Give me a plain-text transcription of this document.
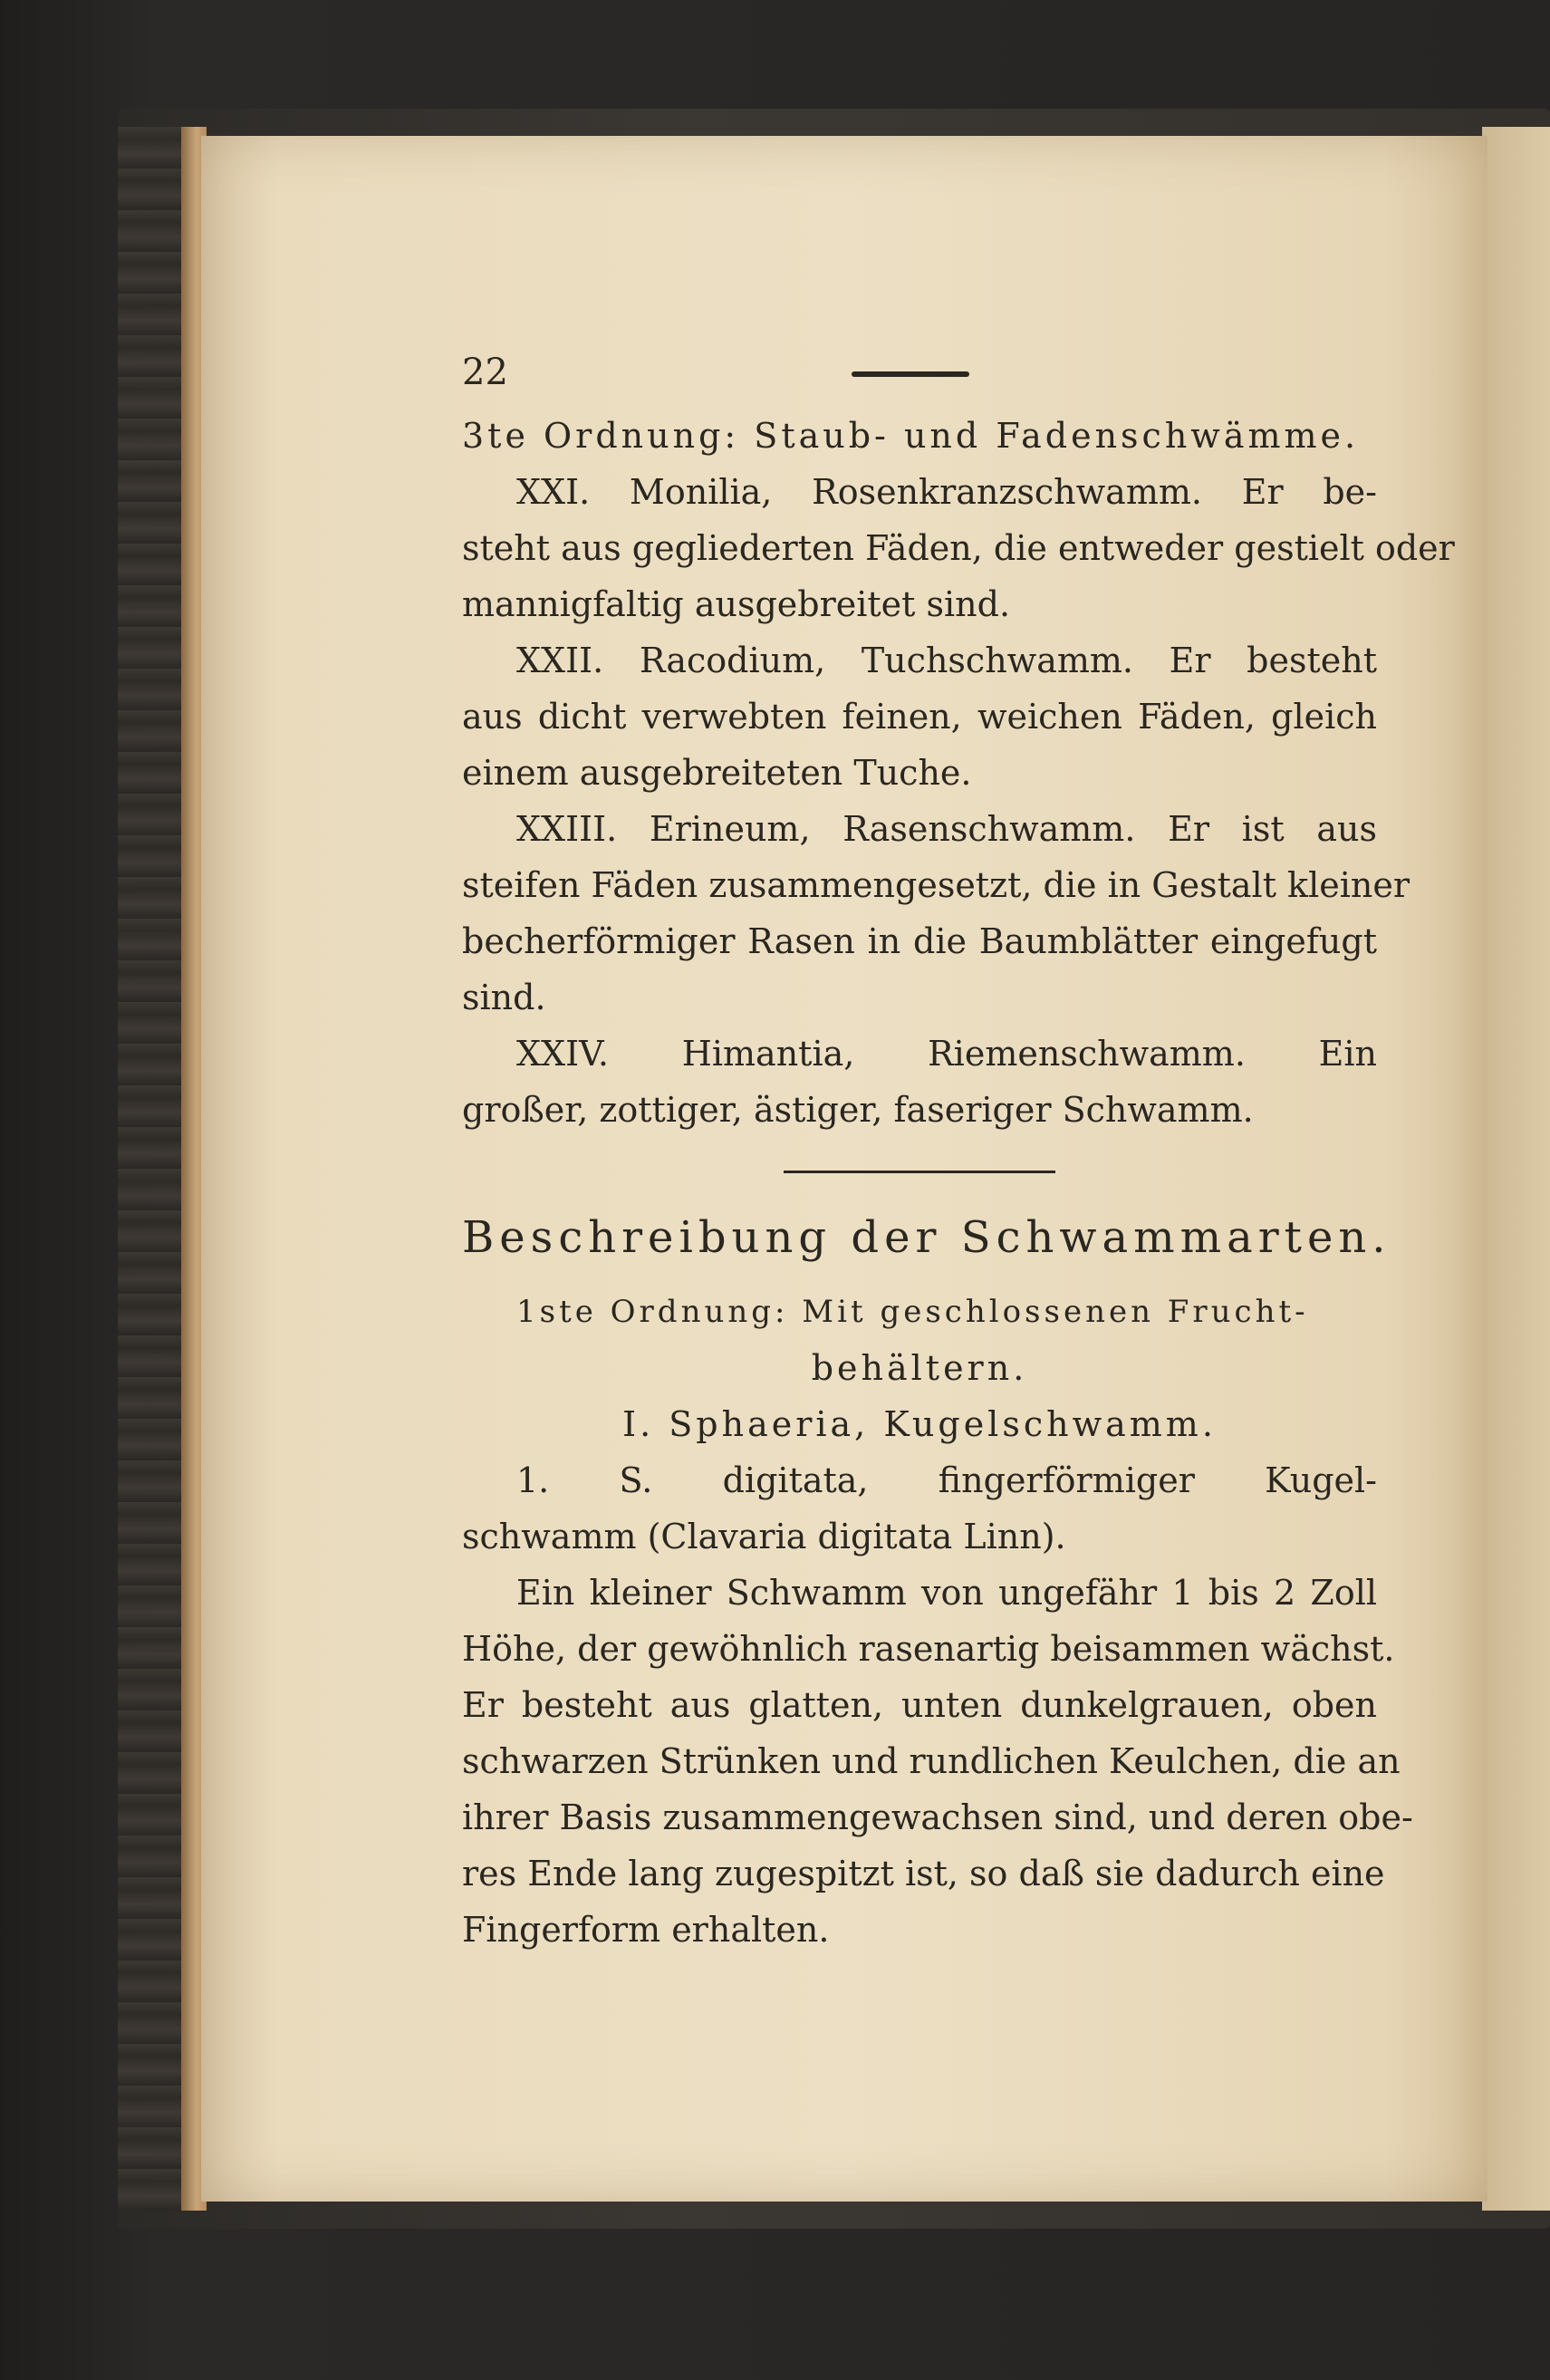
22
3te Ordnung: Staub- und Fadenschwämme.
XXI. Monilia, Rosenkranzschwamm. Er be-
steht aus gegliederten Fäden, die entweder gestielt oder
mannigfaltig ausgebreitet sind.
XXII. Racodium, Tuchschwamm. Er besteht
aus dicht verwebten feinen, weichen Fäden, gleich
einem ausgebreiteten Tuche.
XXIII. Erineum, Rasenschwamm. Er ist aus
steifen Fäden zusammengesetzt, die in Gestalt kleiner
becherförmiger Rasen in die Baumblätter eingefugt
sind.
XXIV. Himantia, Riemenschwamm. Ein
großer, zottiger, ästiger, faseriger Schwamm.
Beschreibung der Schwammarten.
1ste Ordnung: Mit geschlossenen Frucht-
behältern.
I. Sphaeria, Kugelschwamm.
1. S. digitata, fingerförmiger Kugel-
schwamm (Clavaria digitata Linn).
Ein kleiner Schwamm von ungefähr 1 bis 2 Zoll
Höhe, der gewöhnlich rasenartig beisammen wächst.
Er besteht aus glatten, unten dunkelgrauen, oben
schwarzen Strünken und rundlichen Keulchen, die an
ihrer Basis zusammengewachsen sind, und deren obe-
res Ende lang zugespitzt ist, so daß sie dadurch eine
Fingerform erhalten.
